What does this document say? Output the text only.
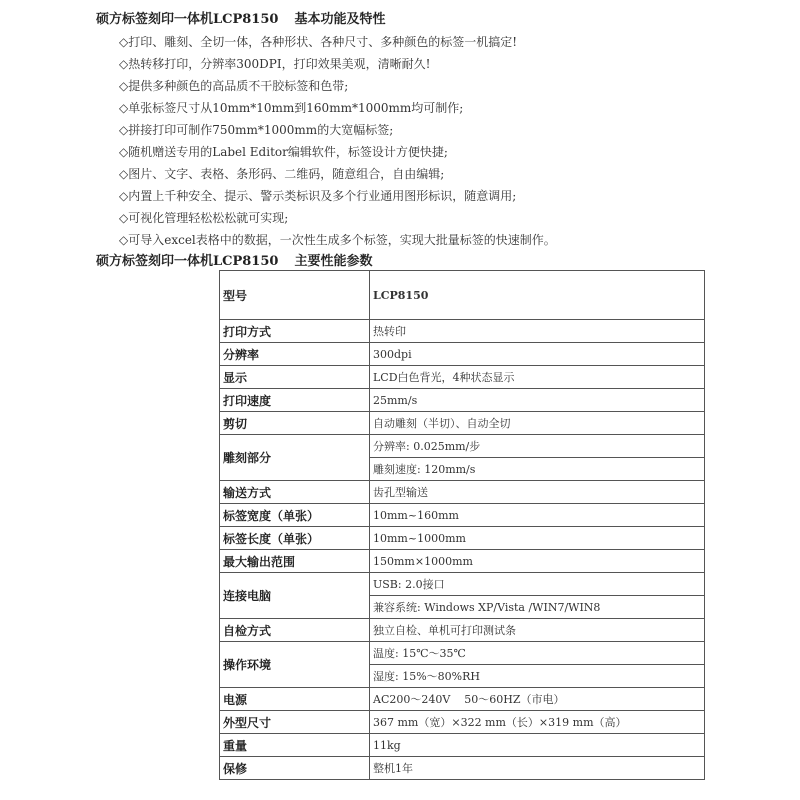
硕方标签刻印一体机LCP8150 基本功能及特性
◇打印、雕刻、全切一体，各种形状、各种尺寸、多种颜色的标签一机搞定!
◇热转移打印，分辨率300DPI，打印效果美观，清晰耐久!
◇提供多种颜色的高品质不干胶标签和色带;
◇单张标签尺寸从10mm*10mm到160mm*1000mm均可制作;
◇拼接打印可制作750mm*1000mm的大宽幅标签;
◇随机赠送专用的Label Editor编辑软件，标签设计方便快捷;
◇图片、文字、表格、条形码、二维码，随意组合，自由编辑;
◇内置上千种安全、提示、警示类标识及多个行业通用图形标识，随意调用;
◇可视化管理轻松松松就可实现;
◇可导入excel表格中的数据，一次性生成多个标签，实现大批量标签的快速制作。
硕方标签刻印一体机LCP8150 主要性能参数
型号	LCP8150
打印方式	热转印
分辨率	300dpi
显示	LCD白色背光，4种状态显示
打印速度	25mm/s
剪切	自动雕刻（半切）、自动全切
雕刻部分	分辨率: 0.025mm/步
	雕刻速度: 120mm/s
输送方式	齿孔型输送
标签宽度（单张）	10mm~160mm
标签长度（单张）	10mm~1000mm
最大输出范围	150mm×1000mm
连接电脑	USB: 2.0接口
	兼容系统: Windows XP/Vista /WIN7/WIN8
自检方式	独立自检、单机可打印测试条
操作环境	温度: 15℃～35℃
	湿度: 15%～80%RH
电源	AC200～240V    50～60HZ（市电）
外型尺寸	367 mm（宽）×322 mm（长）×319 mm（高）
重量	11kg
保修	整机1年
